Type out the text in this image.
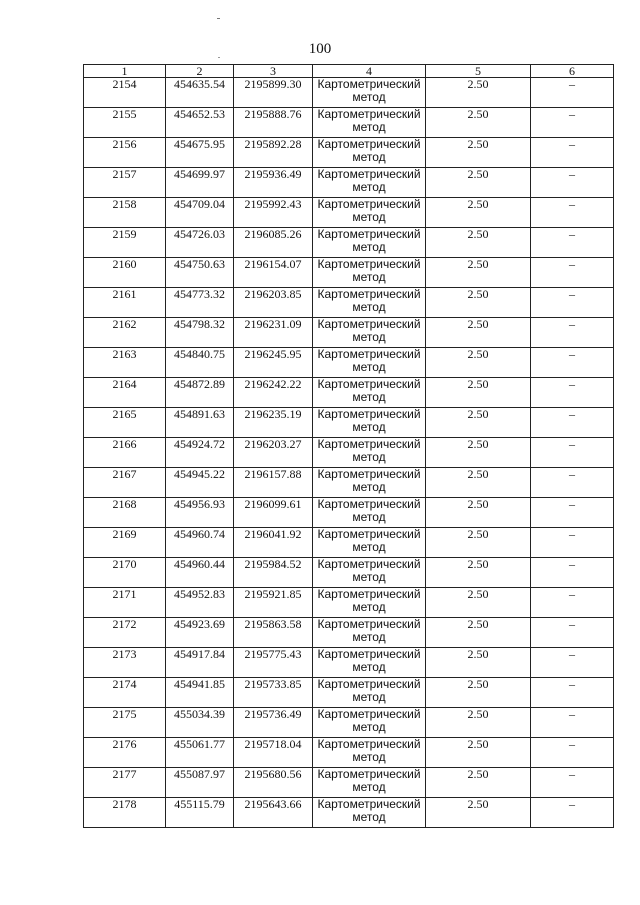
100
1	2	3	4	5	6
2154	454635.54	2195899.30	Картометрический метод	2.50	–
2155	454652.53	2195888.76	Картометрический метод	2.50	–
2156	454675.95	2195892.28	Картометрический метод	2.50	–
2157	454699.97	2195936.49	Картометрический метод	2.50	–
2158	454709.04	2195992.43	Картометрический метод	2.50	–
2159	454726.03	2196085.26	Картометрический метод	2.50	–
2160	454750.63	2196154.07	Картометрический метод	2.50	–
2161	454773.32	2196203.85	Картометрический метод	2.50	–
2162	454798.32	2196231.09	Картометрический метод	2.50	–
2163	454840.75	2196245.95	Картометрический метод	2.50	–
2164	454872.89	2196242.22	Картометрический метод	2.50	–
2165	454891.63	2196235.19	Картометрический метод	2.50	–
2166	454924.72	2196203.27	Картометрический метод	2.50	–
2167	454945.22	2196157.88	Картометрический метод	2.50	–
2168	454956.93	2196099.61	Картометрический метод	2.50	–
2169	454960.74	2196041.92	Картометрический метод	2.50	–
2170	454960.44	2195984.52	Картометрический метод	2.50	–
2171	454952.83	2195921.85	Картометрический метод	2.50	–
2172	454923.69	2195863.58	Картометрический метод	2.50	–
2173	454917.84	2195775.43	Картометрический метод	2.50	–
2174	454941.85	2195733.85	Картометрический метод	2.50	–
2175	455034.39	2195736.49	Картометрический метод	2.50	–
2176	455061.77	2195718.04	Картометрический метод	2.50	–
2177	455087.97	2195680.56	Картометрический метод	2.50	–
2178	455115.79	2195643.66	Картометрический метод	2.50	–
